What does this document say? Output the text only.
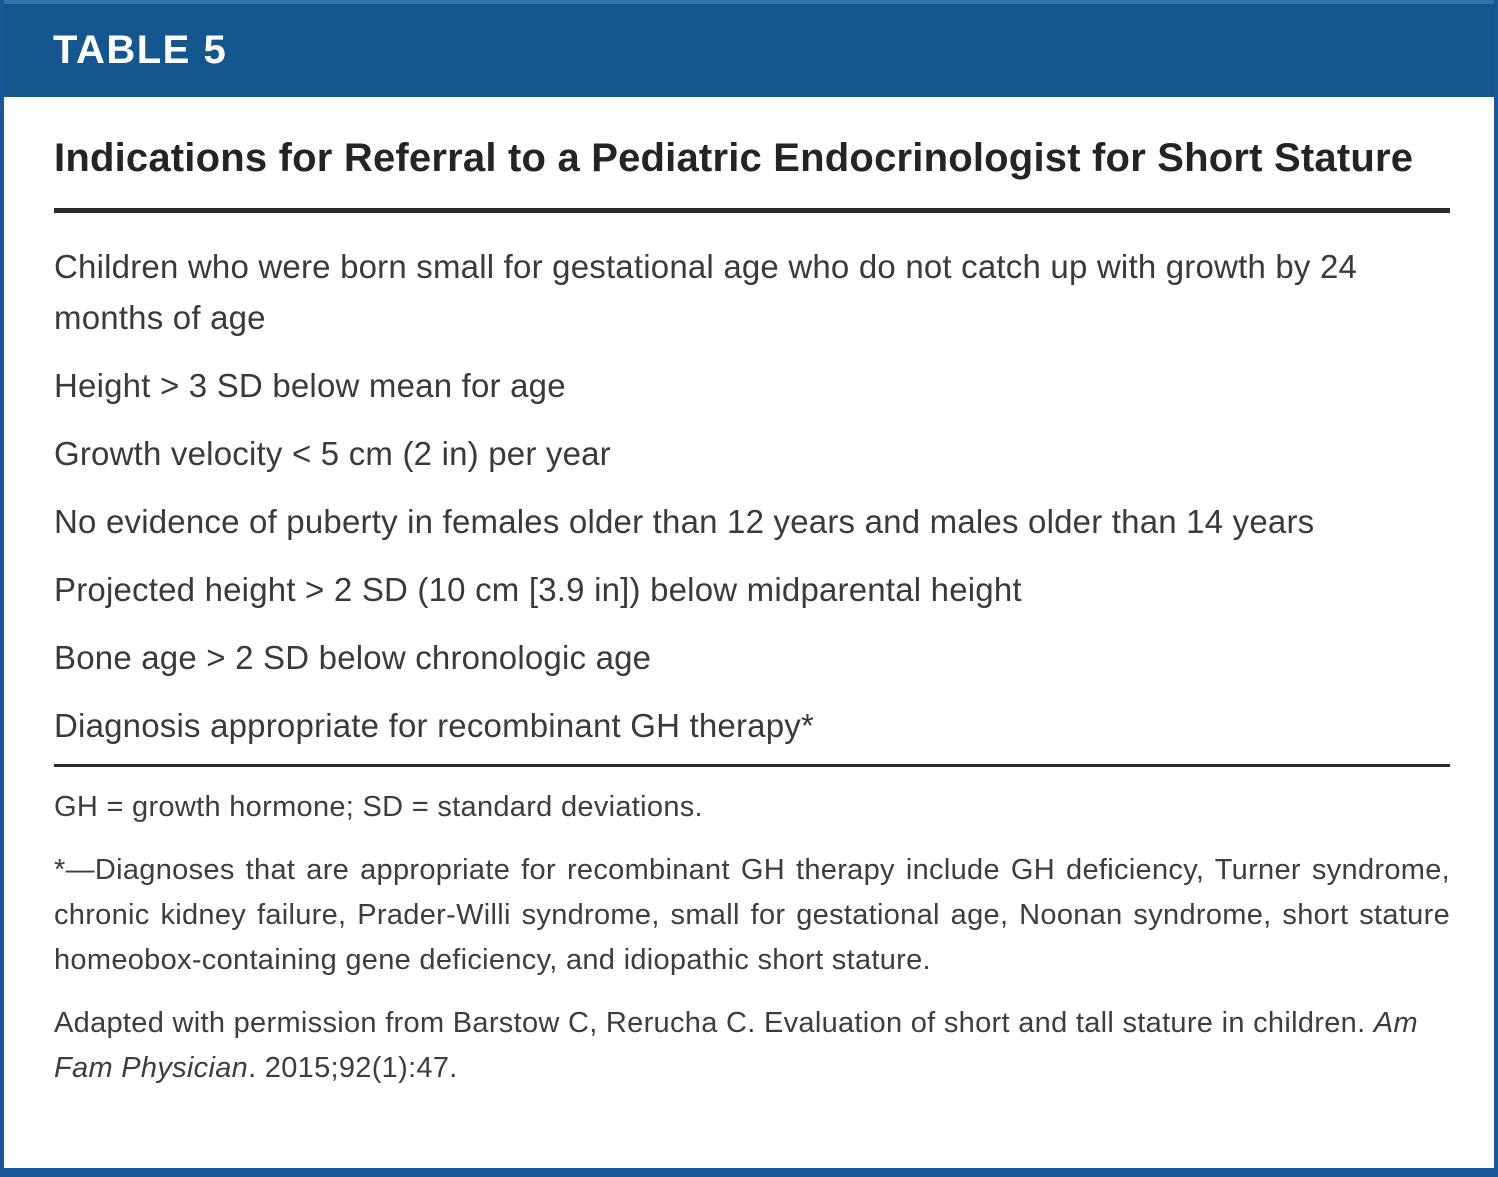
TABLE 5
Indications for Referral to a Pediatric Endocrinologist for Short Stature
Children who were born small for gestational age who do not catch up with growth by 24 months of age
Height > 3 SD below mean for age
Growth velocity < 5 cm (2 in) per year
No evidence of puberty in females older than 12 years and males older than 14 years
Projected height > 2 SD (10 cm [3.9 in]) below midparental height
Bone age > 2 SD below chronologic age
Diagnosis appropriate for recombinant GH therapy*

GH = growth hormone; SD = standard deviations.

*—Diagnoses that are appropriate for recombinant GH therapy include GH deficiency, Turner syndrome, chronic kidney failure, Prader-Willi syndrome, small for gestational age, Noonan syndrome, short stature homeobox-containing gene deficiency, and idiopathic short stature.

Adapted with permission from Barstow C, Rerucha C. Evaluation of short and tall stature in children. Am Fam Physician. 2015;92(1):47.
